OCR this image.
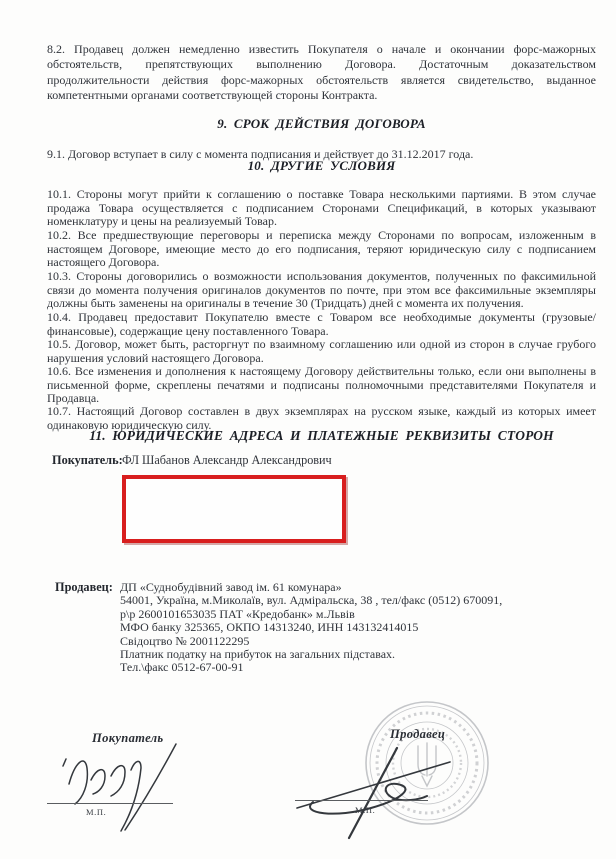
8.2. Продавец должен немедленно известить Покупателя о начале и окончании форс-мажорных обстоятельств, препятствующих выполнению Договора. Достаточным доказательством продолжительности действия форс-мажорных обстоятельств является свидетельство, выданное компетентными органами соответствующей стороны Контракта.

9. СРОК ДЕЙСТВИЯ ДОГОВОРА

9.1. Договор вступает в силу с момента подписания и действует до 31.12.2017 года.

10. ДРУГИЕ УСЛОВИЯ

10.1. Стороны могут прийти к соглашению о поставке Товара несколькими партиями. В этом случае продажа Товара осуществляется с подписанием Сторонами Спецификаций, в которых указывают номенклатуру и цены на реализуемый Товар.

10.2. Все предшествующие переговоры и переписка между Сторонами по вопросам, изложенным в настоящем Договоре, имеющие место до его подписания, теряют юридическую силу с подписанием настоящего Договора.

10.3. Стороны договорились о возможности использования документов, полученных по факсимильной связи до момента получения оригиналов документов по почте, при этом все факсимильные экземпляры должны быть заменены на оригиналы в течение 30 (Тридцать) дней с момента их получения.

10.4. Продавец предоставит Покупателю вместе с Товаром все необходимые документы (грузовые/финансовые), содержащие цену поставленного Товара.

10.5. Договор, может быть, расторгнут по взаимному соглашению или одной из сторон в случае грубого нарушения условий настоящего Договора.

10.6. Все изменения и дополнения к настоящему Договору действительны только, если они выполнены в письменной форме, скреплены печатями и подписаны полномочными представителями Покупателя и Продавца.

10.7. Настоящий Договор составлен в двух экземплярах на русском языке, каждый из которых имеет одинаковую юридическую силу.

11. ЮРИДИЧЕСКИЕ АДРЕСА И ПЛАТЕЖНЫЕ РЕКВИЗИТЫ СТОРОН
Покупатель: ФЛ Шабанов Александр Александрович
Продавец: ДП «Суднобудівний завод ім. 61 комунара»
54001, Україна, м.Миколаїв, вул. Адміральска, 38 , тел/факс (0512) 670091,
р\р 2600101653035 ПАТ «Кредобанк» м.Львів
МФО банку 325365, ОКПО 14313240, ИНН 143132414015
Свідоцтво № 2001122295
Платник податку на прибуток на загальних підставах.
Тел.\факс 0512-67-00-91
Покупатель
М.П.
Продавец
М.П.
